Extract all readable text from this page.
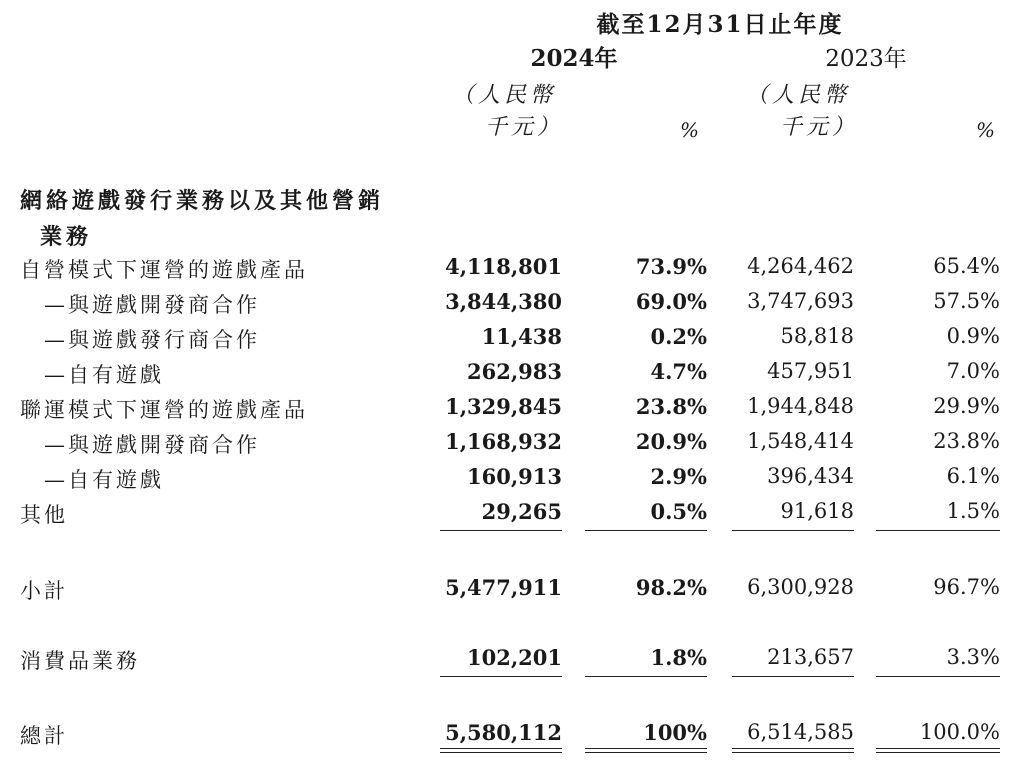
截至12月31日止年度
2024年	2023年
（人民幣
千元）	%
（人民幣
千元）	%
網絡遊戲發行業務以及其他營銷
業務
自營模式下運營的遊戲產品	4,118,801	73.9%	4,264,462	65.4%
—與遊戲開發商合作	3,844,380	69.0%	3,747,693	57.5%
—與遊戲發行商合作	11,438	0.2%	58,818	0.9%
—自有遊戲	262,983	4.7%	457,951	7.0%
聯運模式下運營的遊戲產品	1,329,845	23.8%	1,944,848	29.9%
—與遊戲開發商合作	1,168,932	20.9%	1,548,414	23.8%
—自有遊戲	160,913	2.9%	396,434	6.1%
其他	29,265	0.5%	91,618	1.5%
小計	5,477,911	98.2%	6,300,928	96.7%
消費品業務	102,201	1.8%	213,657	3.3%
總計	5,580,112	100%	6,514,585	100.0%
